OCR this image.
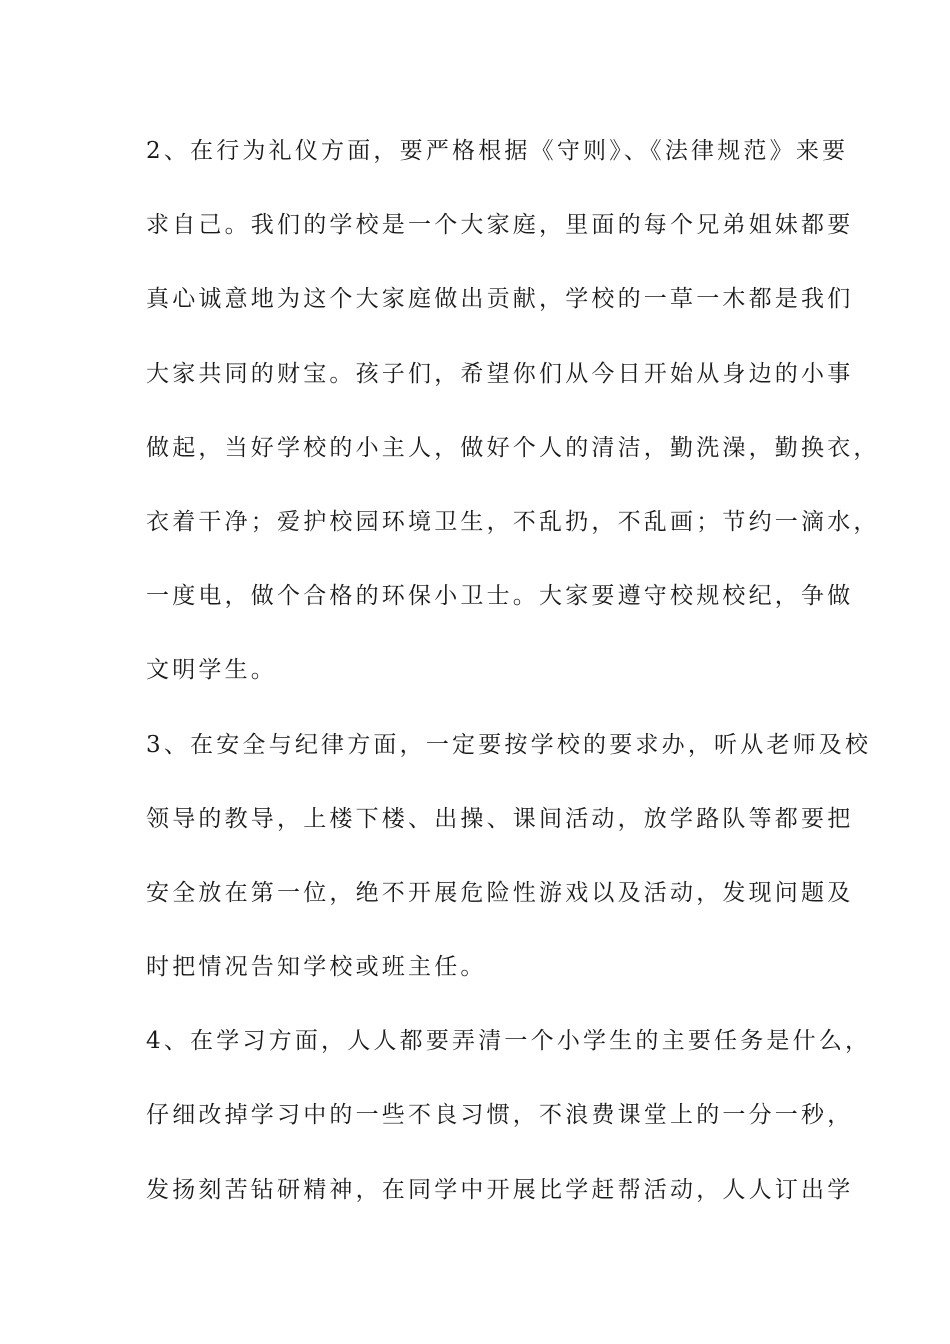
2、在行为礼仪方面，要严格根据《守则》、《法律规范》来要
求自己。我们的学校是一个大家庭，里面的每个兄弟姐妹都要
真心诚意地为这个大家庭做出贡献，学校的一草一木都是我们
大家共同的财宝。孩子们，希望你们从今日开始从身边的小事
做起，当好学校的小主人，做好个人的清洁，勤洗澡，勤换衣，
衣着干净；爱护校园环境卫生，不乱扔，不乱画；节约一滴水，
一度电，做个合格的环保小卫士。大家要遵守校规校纪，争做
文明学生。
3、在安全与纪律方面，一定要按学校的要求办，听从老师及校
领导的教导，上楼下楼、出操、课间活动，放学路队等都要把
安全放在第一位，绝不开展危险性游戏以及活动，发现问题及
时把情况告知学校或班主任。
4、在学习方面，人人都要弄清一个小学生的主要任务是什么，
仔细改掉学习中的一些不良习惯，不浪费课堂上的一分一秒，
发扬刻苦钻研精神，在同学中开展比学赶帮活动，人人订出学
